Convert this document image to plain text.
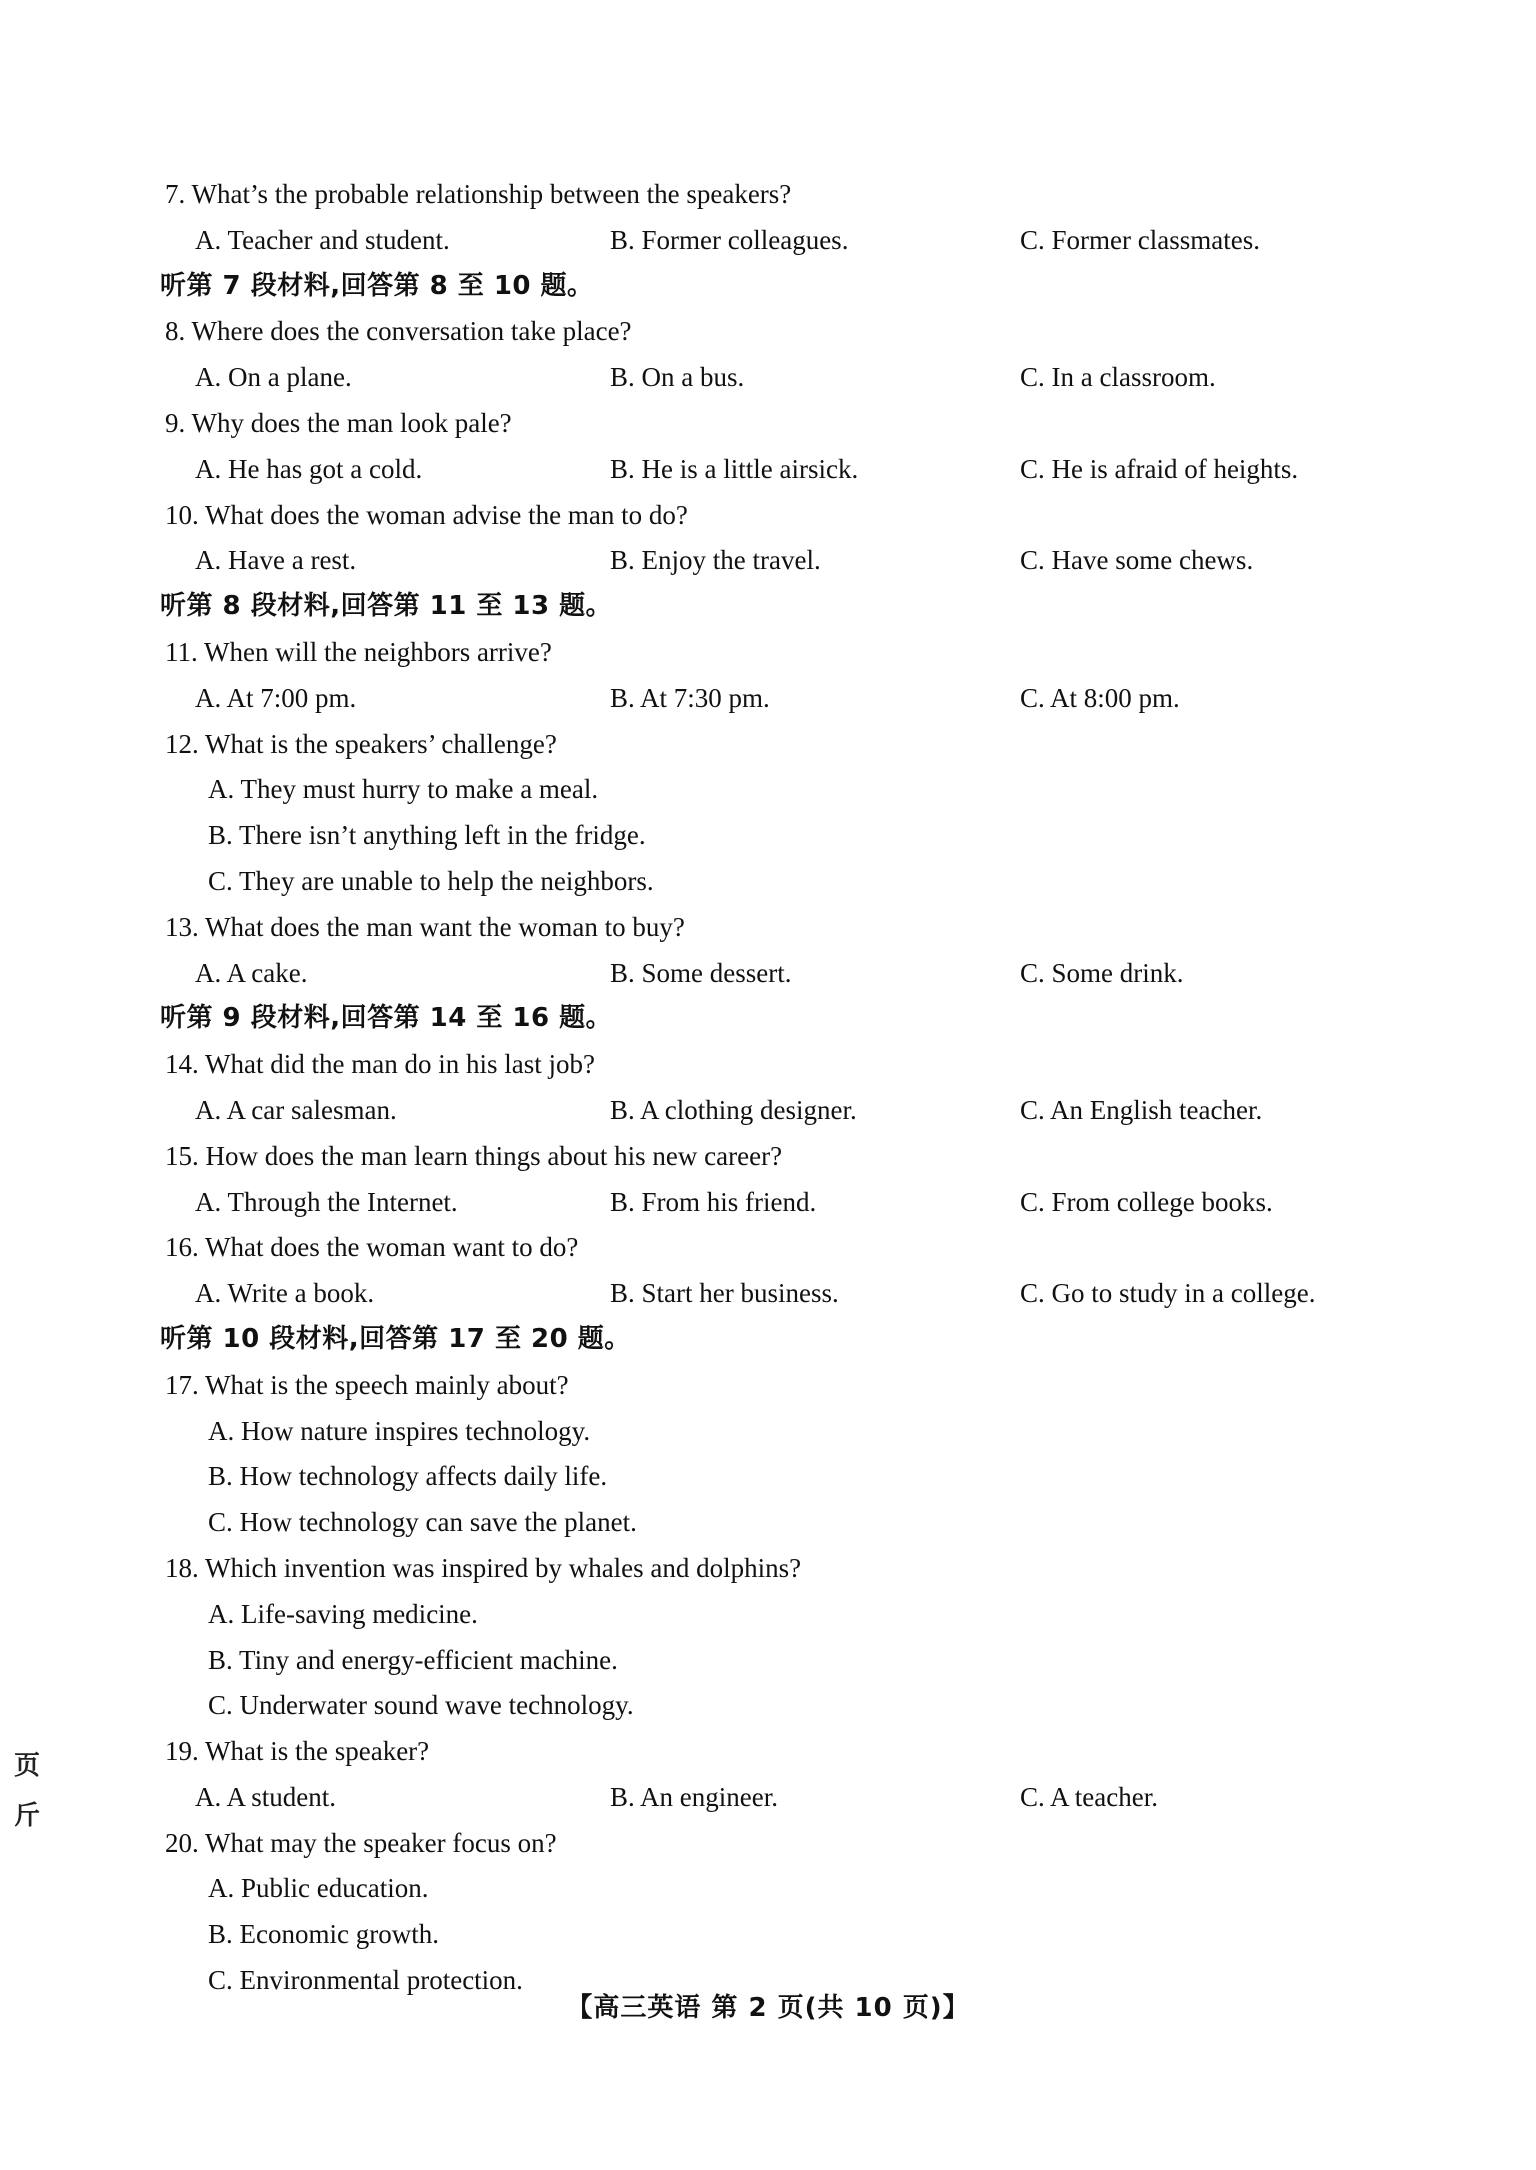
7. What’s the probable relationship between the speakers?
A. Teacher and student.	B. Former colleagues.	C. Former classmates.
听第 7 段材料,回答第 8 至 10 题。
8. Where does the conversation take place?
A. On a plane.	B. On a bus.	C. In a classroom.
9. Why does the man look pale?
A. He has got a cold.	B. He is a little airsick.	C. He is afraid of heights.
10. What does the woman advise the man to do?
A. Have a rest.	B. Enjoy the travel.	C. Have some chews.
听第 8 段材料,回答第 11 至 13 题。
11. When will the neighbors arrive?
A. At 7:00 pm.	B. At 7:30 pm.	C. At 8:00 pm.
12. What is the speakers’ challenge?
A. They must hurry to make a meal.
B. There isn’t anything left in the fridge.
C. They are unable to help the neighbors.
13. What does the man want the woman to buy?
A. A cake.	B. Some dessert.	C. Some drink.
听第 9 段材料,回答第 14 至 16 题。
14. What did the man do in his last job?
A. A car salesman.	B. A clothing designer.	C. An English teacher.
15. How does the man learn things about his new career?
A. Through the Internet.	B. From his friend.	C. From college books.
16. What does the woman want to do?
A. Write a book.	B. Start her business.	C. Go to study in a college.
听第 10 段材料,回答第 17 至 20 题。
17. What is the speech mainly about?
A. How nature inspires technology.
B. How technology affects daily life.
C. How technology can save the planet.
18. Which invention was inspired by whales and dolphins?
A. Life-saving medicine.
B. Tiny and energy-efficient machine.
C. Underwater sound wave technology.
19. What is the speaker?
A. A student.	B. An engineer.	C. A teacher.
20. What may the speaker focus on?
A. Public education.
B. Economic growth.
C. Environmental protection.
页
斤
【高三英语 第 2 页(共 10 页)】
